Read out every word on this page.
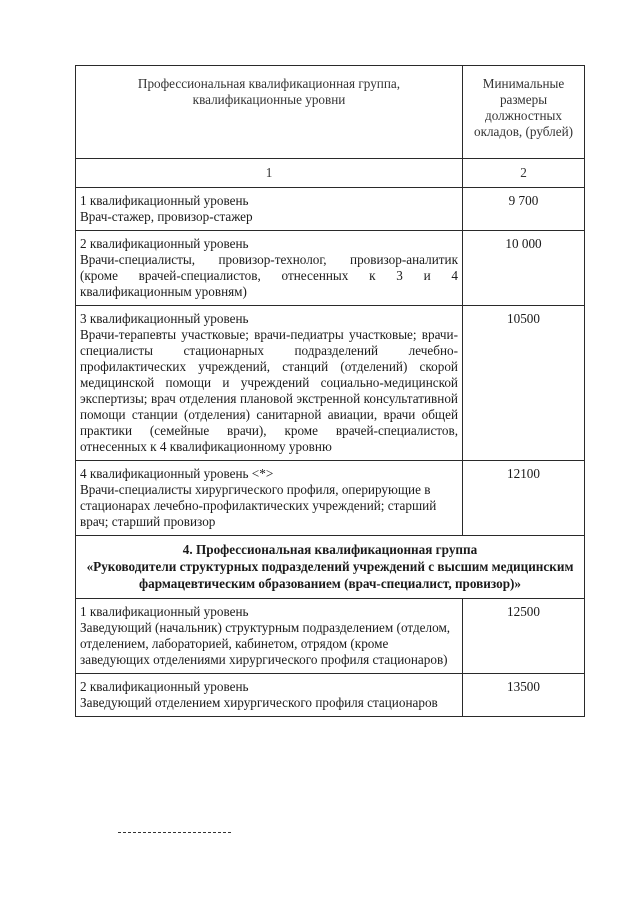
Профессиональная квалификационная группа, квалификационные уровни	Минимальные размеры должностных окладов, (рублей)
1	2

1 квалификационный уровень
Врач-стажер, провизор-стажер	9 700

2 квалификационный уровень
Врачи-специалисты, провизор-технолог, провизор-аналитик (кроме врачей-специалистов, отнесенных к 3 и 4 квалификационным уровням)	10 000

3 квалификационный уровень
Врачи-терапевты участковые; врачи-педиатры участковые; врачи-специалисты стационарных подразделений лечебно-профилактических учреждений, станций (отделений) скорой медицинской помощи и учреждений социально-медицинской экспертизы; врач отделения плановой экстренной консультативной помощи станции (отделения) санитарной авиации, врачи общей практики (семейные врачи), кроме врачей-специалистов, отнесенных к 4 квалификационному уровню	10500

4 квалификационный уровень <*>
Врачи-специалисты хирургического профиля, оперирующие в стационарах лечебно-профилактических учреждений; старший врач; старший провизор	12100

4. Профессиональная квалификационная группа
«Руководители структурных подразделений учреждений с высшим медицинским фармацевтическим образованием (врач-специалист, провизор)»	

1 квалификационный уровень
Заведующий (начальник) структурным подразделением (отделом, отделением, лабораторией, кабинетом, отрядом (кроме заведующих отделениями хирургического профиля стационаров)	12500

2 квалификационный уровень
Заведующий отделением хирургического профиля стационаров	13500
